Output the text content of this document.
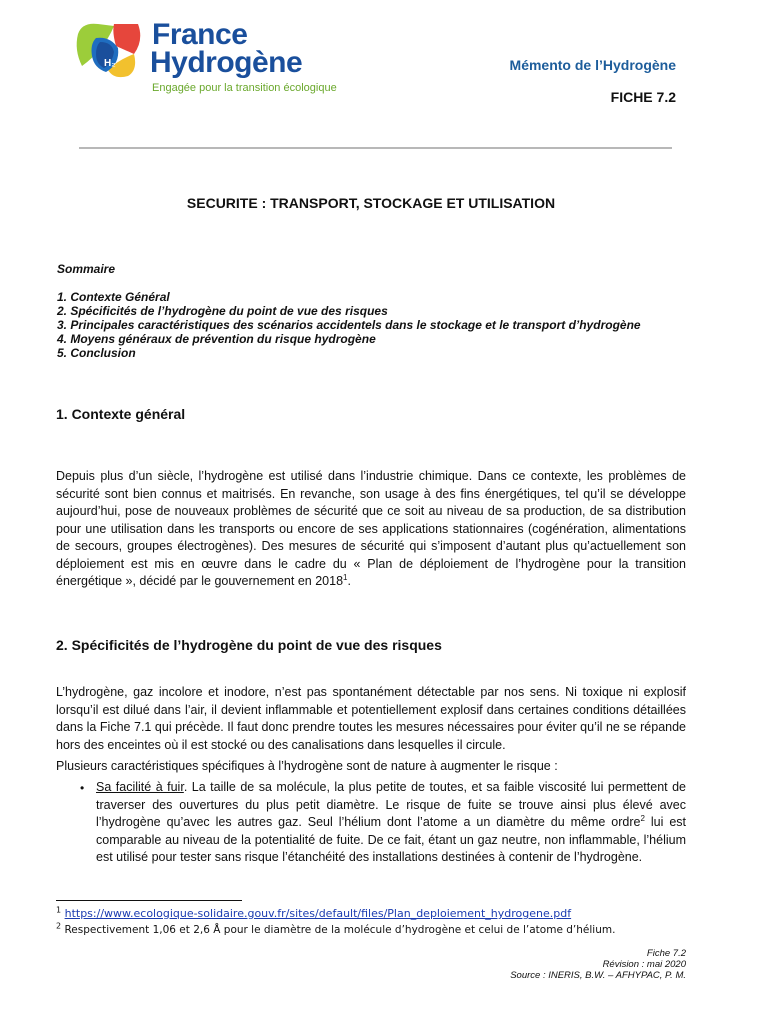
H₂
France
Hydrogène
Engagée pour la transition écologique
Mémento de l’Hydrogène
FICHE 7.2
SECURITE : TRANSPORT, STOCKAGE ET UTILISATION
Sommaire
1. Contexte Général
2. Spécificités de l’hydrogène du point de vue des risques
3. Principales caractéristiques des scénarios accidentels dans le stockage et le transport d’hydrogène
4. Moyens généraux de prévention du risque hydrogène
5. Conclusion
1. Contexte général

Depuis plus d’un siècle, l’hydrogène est utilisé dans l’industrie chimique. Dans ce contexte, les problèmes de sécurité sont bien connus et maitrisés. En revanche, son usage à des fins énergétiques, tel qu’il se développe aujourd’hui, pose de nouveaux problèmes de sécurité que ce soit au niveau de sa production, de sa distribution pour une utilisation dans les transports ou encore de ses applications stationnaires (cogénération, alimentations de secours, groupes électrogènes). Des mesures de sécurité qui s’imposent d’autant plus qu’actuellement son déploiement est mis en œuvre dans le cadre du « Plan de déploiement de l’hydrogène pour la transition énergétique », décidé par le gouvernement en 2018$^1$.

2. Spécificités de l’hydrogène du point de vue des risques

L’hydrogène, gaz incolore et inodore, n’est pas spontanément détectable par nos sens. Ni toxique ni explosif lorsqu’il est dilué dans l’air, il devient inflammable et potentiellement explosif dans certaines conditions détaillées dans la Fiche 7.1 qui précède. Il faut donc prendre toutes les mesures nécessaires pour éviter qu’il ne se répande hors des enceintes où il est stocké ou des canalisations dans lesquelles il circule.

Plusieurs caractéristiques spécifiques à l’hydrogène sont de nature à augmenter le risque :

• Sa facilité à fuir. La taille de sa molécule, la plus petite de toutes, et sa faible viscosité lui permettent de traverser des ouvertures du plus petit diamètre. Le risque de fuite se trouve ainsi plus élevé avec l’hydrogène qu’avec les autres gaz. Seul l’hélium dont l’atome a un diamètre du même ordre$^2$ lui est comparable au niveau de la potentialité de fuite. De ce fait, étant un gaz neutre, non inflammable, l’hélium est utilisé pour tester sans risque l’étanchéité des installations destinées à contenir de l’hydrogène.
$^1$ https://www.ecologique-solidaire.gouv.fr/sites/default/files/Plan_deploiement_hydrogene.pdf
$^2$ Respectivement 1,06 et 2,6 Å pour le diamètre de la molécule d’hydrogène et celui de l’atome d’hélium.
Fiche 7.2
Révision : mai 2020
Source : INERIS, B.W. – AFHYPAC, P. M.
